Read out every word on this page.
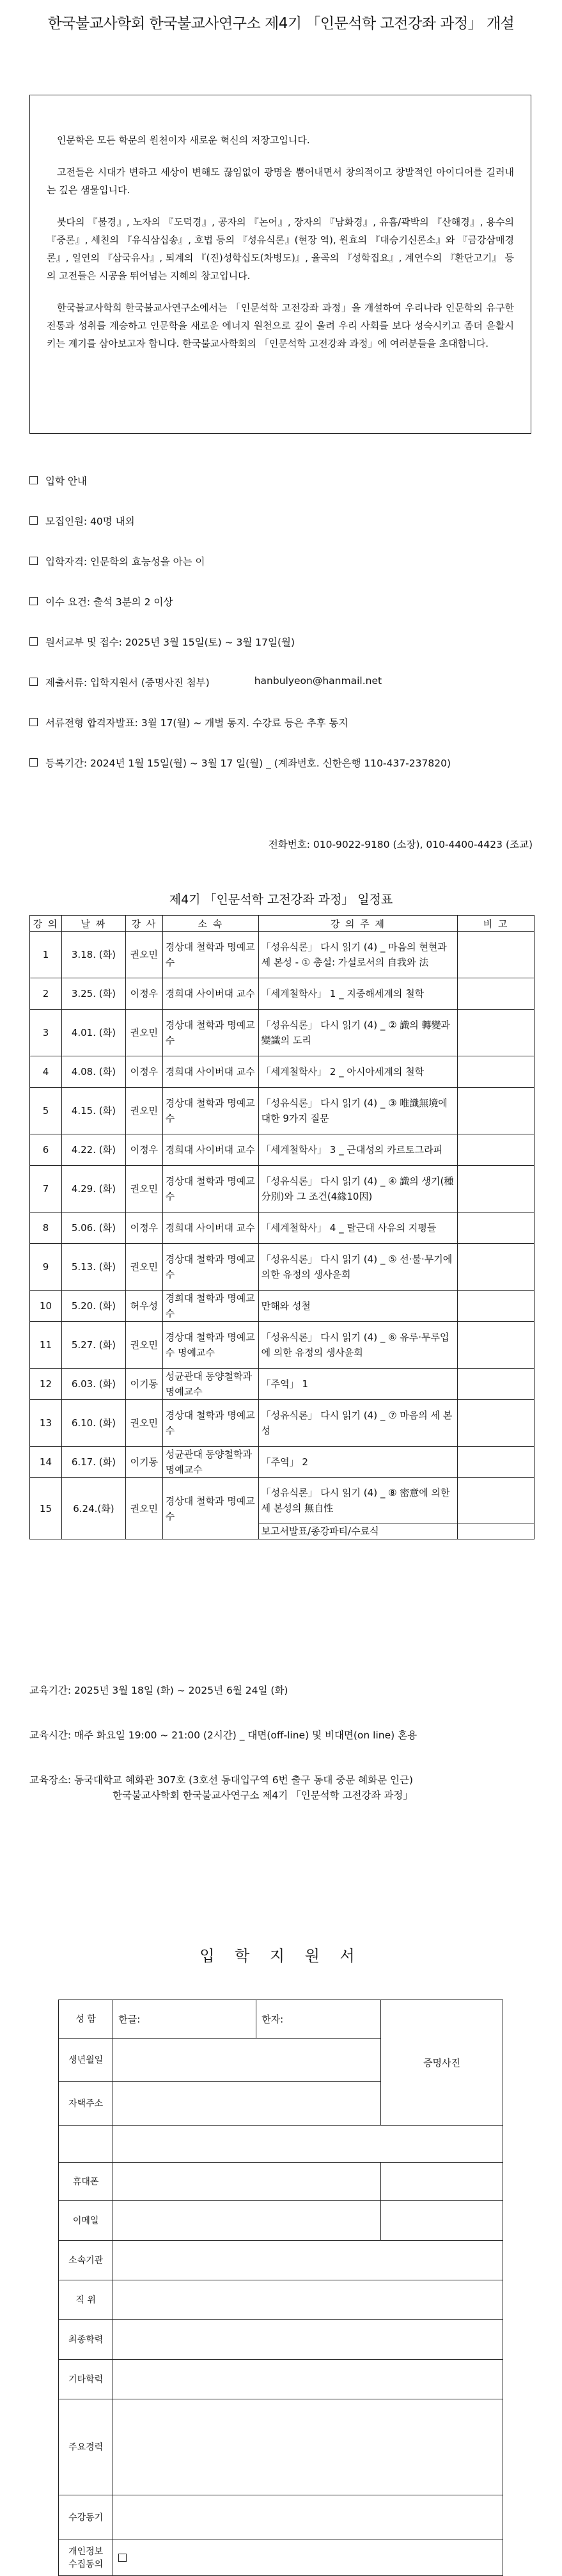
한국불교사학회 한국불교사연구소 제4기 「인문석학 고전강좌 과정」 개설

인문학은 모든 학문의 원천이자 새로운 혁신의 저장고입니다.

고전들은 시대가 변하고 세상이 변해도 끊임없이 광명을 뿜어내면서 창의적이고 창발적인 아이디어를 길러내는 깊은 샘물입니다.

붓다의 『불경』, 노자의 『도덕경』, 공자의 『논어』, 장자의 『남화경』, 유흠/곽박의 『산해경』, 용수의 『중론』, 세친의 『유식삼십송』, 호법 등의 『성유식론』(현장 역), 원효의 『대승기신론소』와 『금강삼매경론』, 일연의 『삼국유사』, 퇴계의 『(진)성학십도(차병도)』, 율곡의 『성학집요』, 계연수의 『환단고기』 등의 고전들은 시공을 뛰어넘는 지혜의 창고입니다.

한국불교사학회 한국불교사연구소에서는 「인문석학 고전강좌 과정」을 개설하여 우리나라 인문학의 유구한 전통과 성취를 계승하고 인문학을 새로운 에너지 원천으로 깊이 울려 우리 사회를 보다 성숙시키고 좀더 윤활시키는 계기를 삼아보고자 합니다. 한국불교사학회의 「인문석학 고전강좌 과정」에 여러분들을 초대합니다.

입학 안내
모집인원: 40명 내외
입학자격: 인문학의 효능성을 아는 이
이수 요건: 출석 3분의 2 이상
원서교부 및 접수: 2025년 3월 15일(토) ~ 3월 17일(월)
제출서류: 입학지원서 (증명사진 첨부)	hanbulyeon@hanmail.net
서류전형 합격자발표: 3월 17(월) ~ 개별 통지. 수강료 등은 추후 통지
등록기간: 2024년 1월 15일(월) ~ 3월 17 일(월) _ (계좌번호. 신한은행 110-437-237820)
전화번호: 010-9022-9180 (소장), 010-4400-4423 (조교)
제4기 「인문석학 고전강좌 과정」 일정표
강 의	날 짜	강 사	소 속	강 의 주 제	비 고
1	3.18. (화)	권오민	경상대 철학과 명예교수	「성유식론」 다시 읽기 (4) _ 마음의 현현과 세 본성 - ① 총설: 가설로서의 自我와 法	
2	3.25. (화)	이정우	경희대 사이버대 교수	「세계철학사」 1 _ 지중해세계의 철학	
3	4.01. (화)	권오민	경상대 철학과 명예교수	「성유식론」 다시 읽기 (4) _ ② 識의 轉變과 變識의 도리	
4	4.08. (화)	이정우	경희대 사이버대 교수	「세계철학사」 2 _ 아시아세계의 철학	
5	4.15. (화)	권오민	경상대 철학과 명예교수	「성유식론」 다시 읽기 (4) _ ③ 唯識無境에 대한 9가지 질문	
6	4.22. (화)	이정우	경희대 사이버대 교수	「세계철학사」 3 _ 근대성의 카르토그라피	
7	4.29. (화)	권오민	경상대 철학과 명예교수	「성유식론」 다시 읽기 (4) _ ④ 識의 생기(種 分別)와 그 조건(4緣10因)	
8	5.06. (화)	이정우	경희대 사이버대 교수	「세계철학사」 4 _ 탈근대 사유의 지평들	
9	5.13. (화)	권오민	경상대 철학과 명예교수	「성유식론」 다시 읽기 (4) _ ⑤ 선·불·무기에 의한 유정의 생사윤회	
10	5.20. (화)	허우성	경희대 철학과 명예교수	만해와 성철	
11	5.27. (화)	권오민	경상대 철학과 명예교수 명예교수	「성유식론」 다시 읽기 (4) _ ⑥ 유루·무루업에 의한 유정의 생사윤회	
12	6.03. (화)	이기동	성균관대 동양철학과 명예교수	「주역」 1	
13	6.10. (화)	권오민	경상대 철학과 명예교수	「성유식론」 다시 읽기 (4) _ ⑦ 마음의 세 본성	
14	6.17. (화)	이기동	성균관대 동양철학과 명예교수	「주역」 2	
15	6.24.(화)	권오민	경상대 철학과 명예교수	「성유식론」 다시 읽기 (4) _ ⑧ 密意에 의한 세 본성의 無自性	
				보고서발표/종강파티/수료식	
교육기간: 2025년 3월 18일 (화) ~ 2025년 6월 24일 (화)
교육시간: 매주 화요일 19:00 ~ 21:00 (2시간) _ 대면(off-line) 및 비대면(on line) 혼용
교육장소: 동국대학교 혜화관 307호 (3호선 동대입구역 6번 출구 동대 중문 혜화문 인근)
한국불교사학회 한국불교사연구소 제4기 「인문석학 고전강좌 과정」
입 학 지 원 서
성 함	한글:	한자:	증명사진
생년월일			
자택주소			

휴대폰			
이메일			
소속기관			
직 위			
최종학력			
기타학력			
주요경력			
수강동기			
개인정보 수집동의			
